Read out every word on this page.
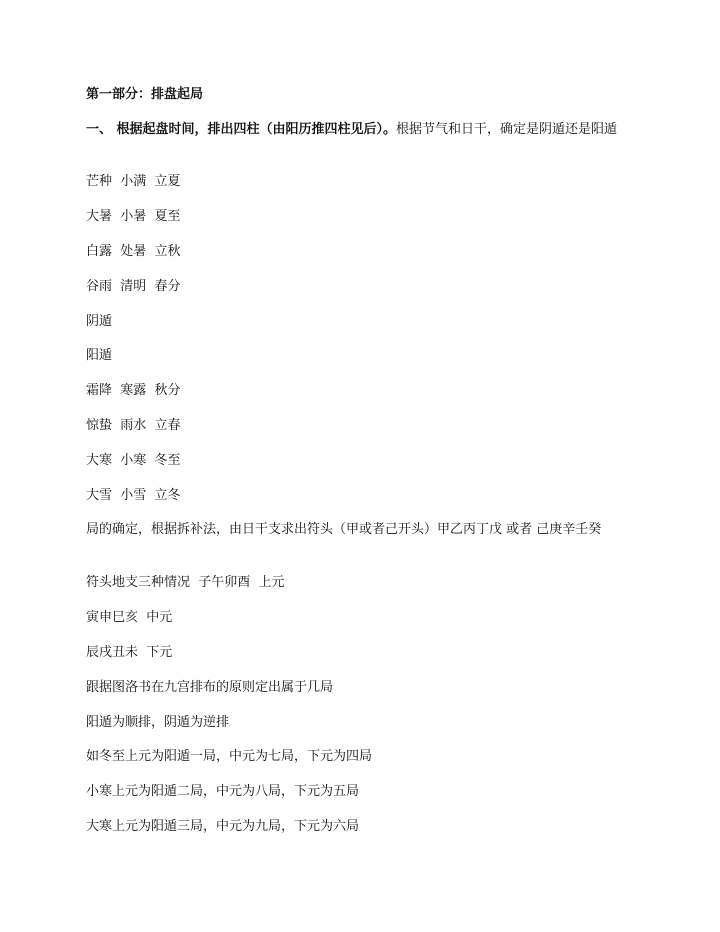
第一部分：排盘起局

一、 根据起盘时间，排出四柱（由阳历推四柱见后）。根据节气和日干，确定是阴遁还是阳遁

芒种  小满  立夏

大暑  小暑  夏至

白露  处暑  立秋

谷雨  清明  春分

阴遁

阳遁

霜降  寒露  秋分

惊蛰  雨水  立春

大寒  小寒  冬至

大雪  小雪  立冬

局的确定，根据拆补法，由日干支求出符头（甲或者己开头）甲乙丙丁戊 或者 己庚辛壬癸

符头地支三种情况  子午卯酉  上元

寅申巳亥  中元

辰戌丑未  下元

跟据图洛书在九宫排布的原则定出属于几局

阳遁为顺排，阴遁为逆排

如冬至上元为阳遁一局，中元为七局，下元为四局

小寒上元为阳遁二局，中元为八局，下元为五局

大寒上元为阳遁三局，中元为九局，下元为六局
